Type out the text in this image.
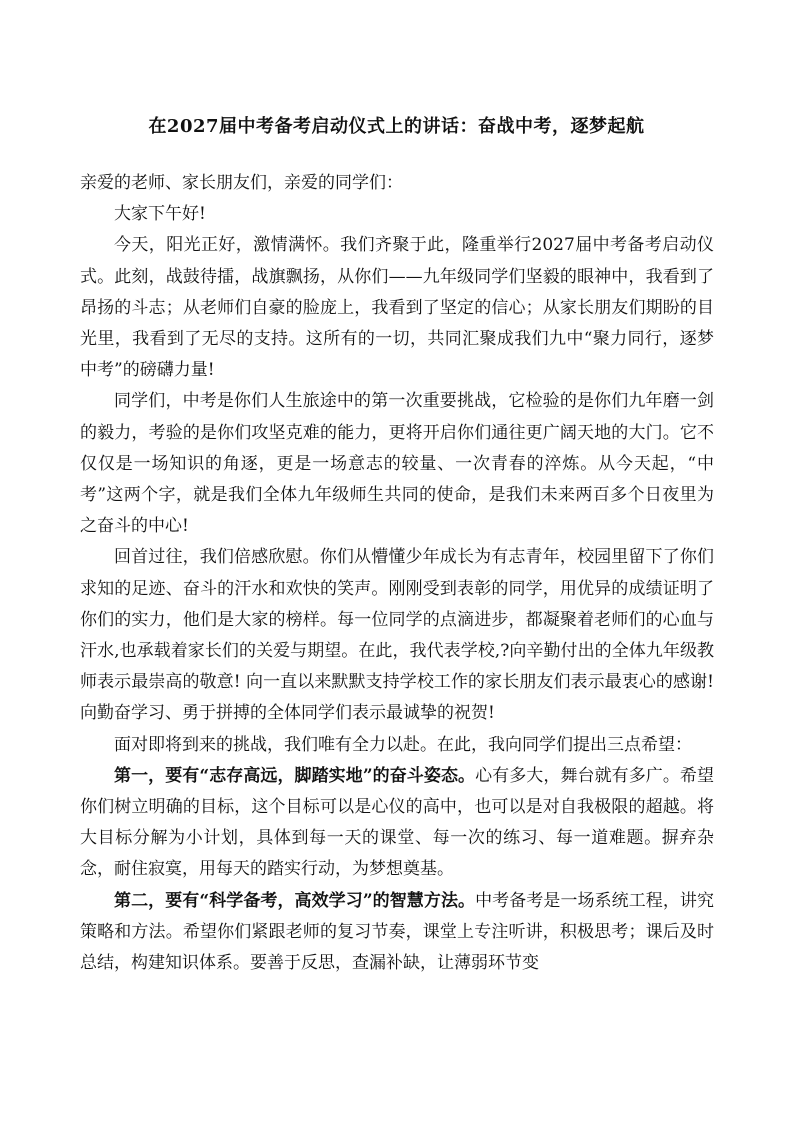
在2027届中考备考启动仪式上的讲话：奋战中考，逐梦起航

亲爱的老师、家长朋友们，亲爱的同学们：

大家下午好!

今天，阳光正好，激情满怀。我们齐聚于此，隆重举行2027届中考备考启动仪式。此刻，战鼓待擂，战旗飘扬，从你们——九年级同学们坚毅的眼神中，我看到了昂扬的斗志；从老师们自豪的脸庞上，我看到了坚定的信心；从家长朋友们期盼的目光里，我看到了无尽的支持。这所有的一切，共同汇聚成我们九中“聚力同行，逐梦中考”的磅礴力量!

同学们，中考是你们人生旅途中的第一次重要挑战，它检验的是你们九年磨一剑的毅力，考验的是你们攻坚克难的能力，更将开启你们通往更广阔天地的大门。它不仅仅是一场知识的角逐，更是一场意志的较量、一次青春的淬炼。从今天起，“中考”这两个字，就是我们全体九年级师生共同的使命，是我们未来两百多个日夜里为之奋斗的中心!

回首过往，我们倍感欣慰。你们从懵懂少年成长为有志青年，校园里留下了你们求知的足迹、奋斗的汗水和欢快的笑声。刚刚受到表彰的同学，用优异的成绩证明了你们的实力，他们是大家的榜样。每一位同学的点滴进步，都凝聚着老师们的心血与汗水,也承载着家长们的关爱与期望。在此，我代表学校,?向辛勤付出的全体九年级教师表示最崇高的敬意! 向一直以来默默支持学校工作的家长朋友们表示最衷心的感谢! 向勤奋学习、勇于拼搏的全体同学们表示最诚挚的祝贺!

面对即将到来的挑战，我们唯有全力以赴。在此，我向同学们提出三点希望：

第一，要有“志存高远，脚踏实地”的奋斗姿态。心有多大，舞台就有多广。希望你们树立明确的目标，这个目标可以是心仪的高中，也可以是对自我极限的超越。将大目标分解为小计划，具体到每一天的课堂、每一次的练习、每一道难题。摒弃杂念，耐住寂寞，用每天的踏实行动，为梦想奠基。

第二，要有“科学备考，高效学习”的智慧方法。中考备考是一场系统工程，讲究策略和方法。希望你们紧跟老师的复习节奏，课堂上专注听讲，积极思考；课后及时总结，构建知识体系。要善于反思，查漏补缺，让薄弱环节变
